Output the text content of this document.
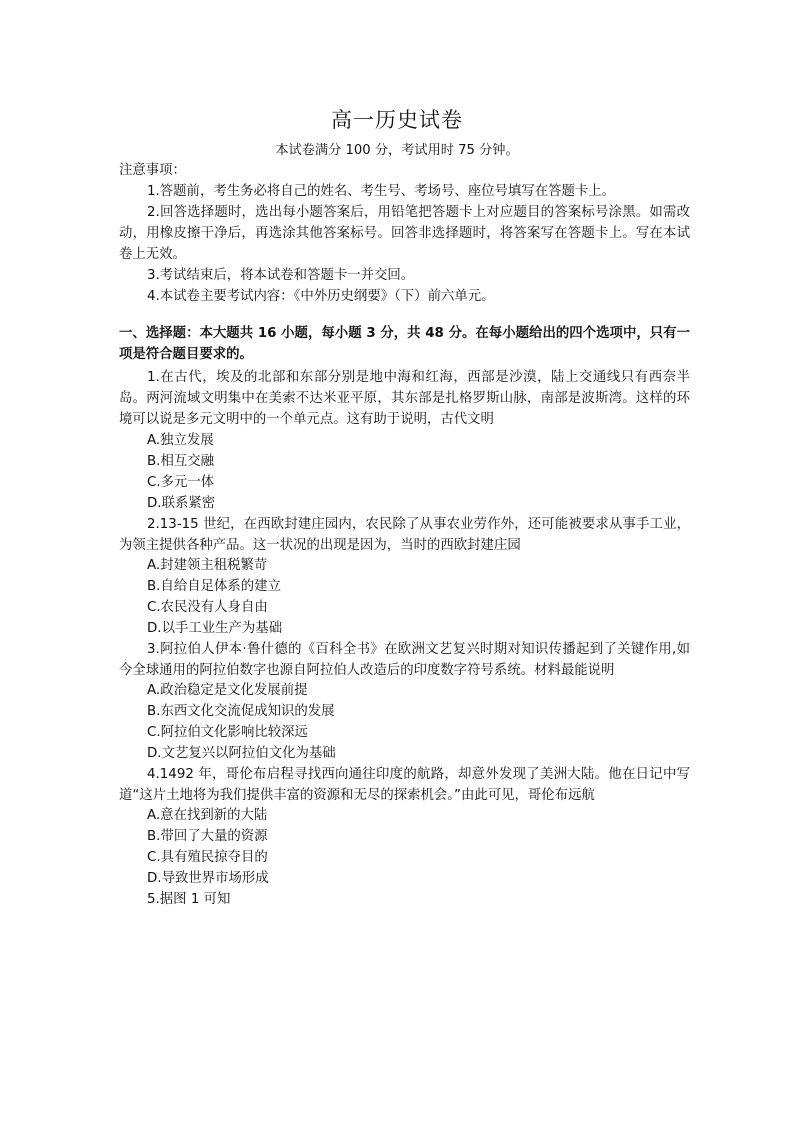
高一历史试卷
本试卷满分 100 分，考试用时 75 分钟。
注意事项：
1.答题前，考生务必将自己的姓名、考生号、考场号、座位号填写在答题卡上。
2.回答选择题时，选出每小题答案后，用铅笔把答题卡上对应题目的答案标号涂黑。如需改动，用橡皮擦干净后，再选涂其他答案标号。回答非选择题时，将答案写在答题卡上。写在本试卷上无效。
3.考试结束后，将本试卷和答题卡一并交回。
4.本试卷主要考试内容：《中外历史纲要》（下）前六单元。
一、选择题：本大题共 16 小题，每小题 3 分，共 48 分。在每小题给出的四个选项中，只有一项是符合题目要求的。
1.在古代，埃及的北部和东部分别是地中海和红海，西部是沙漠，陆上交通线只有西奈半岛。两河流域文明集中在美索不达米亚平原，其东部是扎格罗斯山脉，南部是波斯湾。这样的环境可以说是多元文明中的一个单元点。这有助于说明，古代文明
A.独立发展
B.相互交融
C.多元一体
D.联系紧密
2.13-15 世纪，在西欧封建庄园内，农民除了从事农业劳作外，还可能被要求从事手工业，为领主提供各种产品。这一状况的出现是因为，当时的西欧封建庄园
A.封建领主租税繁苛
B.自给自足体系的建立
C.农民没有人身自由
D.以手工业生产为基础
3.阿拉伯人伊本·鲁什德的《百科全书》在欧洲文艺复兴时期对知识传播起到了关键作用,如今全球通用的阿拉伯数字也源自阿拉伯人改造后的印度数字符号系统。材料最能说明
A.政治稳定是文化发展前提
B.东西文化交流促成知识的发展
C.阿拉伯文化影响比较深远
D.文艺复兴以阿拉伯文化为基础
4.1492 年，哥伦布启程寻找西向通往印度的航路，却意外发现了美洲大陆。他在日记中写道“这片土地将为我们提供丰富的资源和无尽的探索机会。”由此可见，哥伦布远航
A.意在找到新的大陆
B.带回了大量的资源
C.具有殖民掠夺目的
D.导致世界市场形成
5.据图 1 可知
